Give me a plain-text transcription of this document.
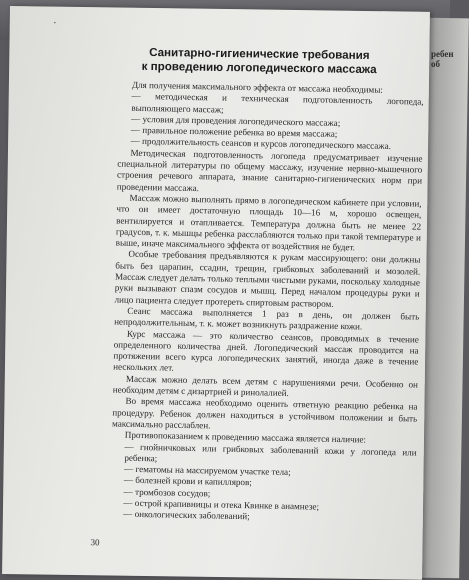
ребен об
•
Санитарно-гигиенические требования
к проведению логопедического массажа

Для получения максимального эффекта от массажа необходимы:

— методическая и техническая подготовленность логопеда, выполняющего массаж;

— условия для проведения логопедического массажа;

— правильное положение ребенка во время массажа;

— продолжительность сеансов и курсов логопедического массажа.

Методическая подготовленность логопеда предусматривает изучение специальной литературы по общему массажу, изучение нервно-мышечного строения речевого аппарата, знание санитарно-гигиенических норм при проведении массажа.

Массаж можно выполнять прямо в логопедическом кабинете при условии, что он имеет достаточную площадь 10—16 м, хорошо освещен, вентилируется и отапливается. Температура должна быть не менее 22 градусов, т. к. мышцы ребенка расслабляются только при такой температуре и выше, иначе максимального эффекта от воздействия не будет.

Особые требования предъявляются к рукам массирующего: они должны быть без царапин, ссадин, трещин, грибковых заболеваний и мозолей. Массаж следует делать только теплыми чистыми руками, поскольку холодные руки вызывают спазм сосудов и мышц. Перед началом процедуры руки и лицо пациента следует протереть спиртовым раствором.

Сеанс массажа выполняется 1 раз в день, он должен быть непродолжительным, т. к. может возникнуть раздражение кожи.

Курс массажа — это количество сеансов, проводимых в течение определенного количества дней. Логопедический массаж проводится на протяжении всего курса логопедических занятий, иногда даже в течение нескольких лет.

Массаж можно делать всем детям с нарушениями речи. Особенно он необходим детям с дизартрией и ринолалией.

Во время массажа необходимо оценить ответную реакцию ребенка на процедуру. Ребенок должен находиться в устойчивом положении и быть максимально расслаблен.

Противопоказанием к проведению массажа является наличие:

— гнойничковых или грибковых заболеваний кожи у логопеда или ребенка;

— гематомы на массируемом участке тела;

— болезней крови и капилляров;

— тромбозов сосудов;

— острой крапивницы и отека Квинке в анамнезе;

— онкологических заболеваний;

30
